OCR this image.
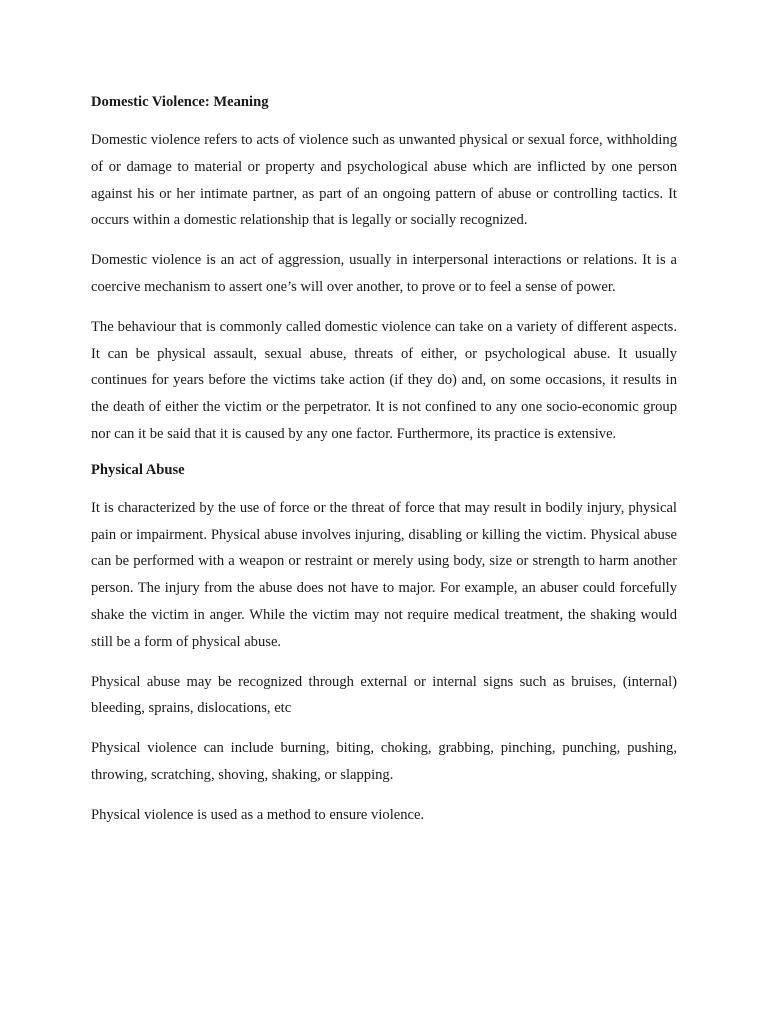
Domestic Violence: Meaning

Domestic violence refers to acts of violence such as unwanted physical or sexual force, withholding of or damage to material or property and psychological abuse which are inflicted by one person against his or her intimate partner, as part of an ongoing pattern of abuse or controlling tactics. It occurs within a domestic relationship that is legally or socially recognized.

Domestic violence is an act of aggression, usually in interpersonal interactions or relations. It is a coercive mechanism to assert one’s will over another, to prove or to feel a sense of power.

The behaviour that is commonly called domestic violence can take on a variety of different aspects. It can be physical assault, sexual abuse, threats of either, or psychological abuse. It usually continues for years before the victims take action (if they do) and, on some occasions, it results in the death of either the victim or the perpetrator. It is not confined to any one socio-economic group nor can it be said that it is caused by any one factor. Furthermore, its practice is extensive.

Physical Abuse

It is characterized by the use of force or the threat of force that may result in bodily injury, physical pain or impairment. Physical abuse involves injuring, disabling or killing the victim. Physical abuse can be performed with a weapon or restraint or merely using body, size or strength to harm another person. The injury from the abuse does not have to major. For example, an abuser could forcefully shake the victim in anger. While the victim may not require medical treatment, the shaking would still be a form of physical abuse.

Physical abuse may be recognized through external or internal signs such as bruises, (internal) bleeding, sprains, dislocations, etc

Physical violence can include burning, biting, choking, grabbing, pinching, punching, pushing, throwing, scratching, shoving, shaking, or slapping.

Physical violence is used as a method to ensure violence.
